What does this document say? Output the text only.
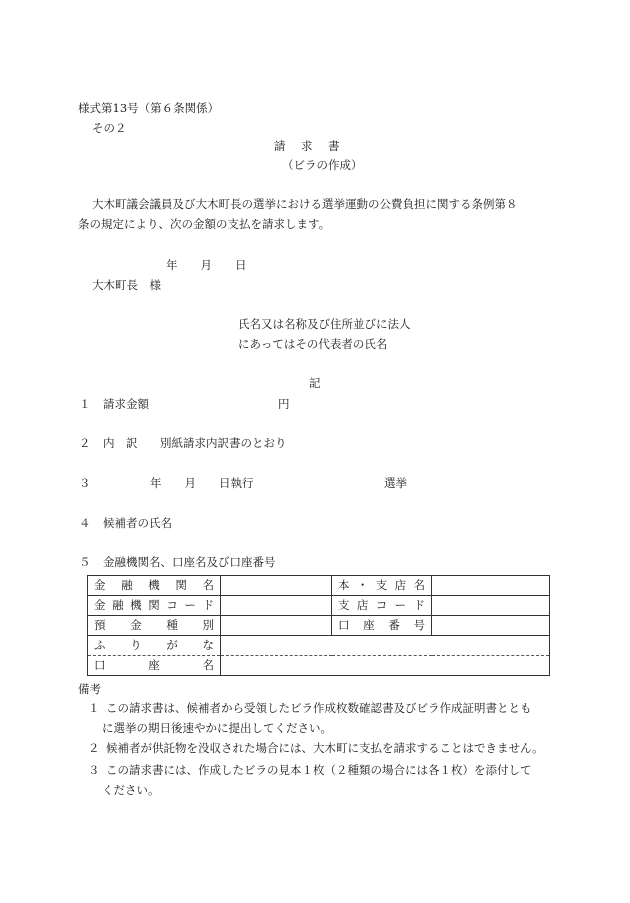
様式第13号（第６条関係）
その２
請　求　書
（ビラの作成）
大木町議会議員及び大木町長の選挙における選挙運動の公費負担に関する条例第８
条の規定により、次の金額の支払を請求します。
年　　月　　日
大木町長　様
氏名又は名称及び住所並びに法人
にあってはその代表者の氏名
記
１ 請求金額	円
２ 内　訳 別紙請求内訳書のとおり
３	年　　月　　日執行	選挙
４ 候補者の氏名
５ 金融機関名、口座名及び口座番号
金融機関名		本・支店名	
金融機関コード		支店コード	
預金種別		口座番号	
ふりがな			
口座名			
備考
１ この請求書は、候補者から受領したビラ作成枚数確認書及びビラ作成証明書ととも
に選挙の期日後速やかに提出してください。
２ 候補者が供託物を没収された場合には、大木町に支払を請求することはできません。
３ この請求書には、作成したビラの見本１枚（２種類の場合には各１枚）を添付して
ください。
